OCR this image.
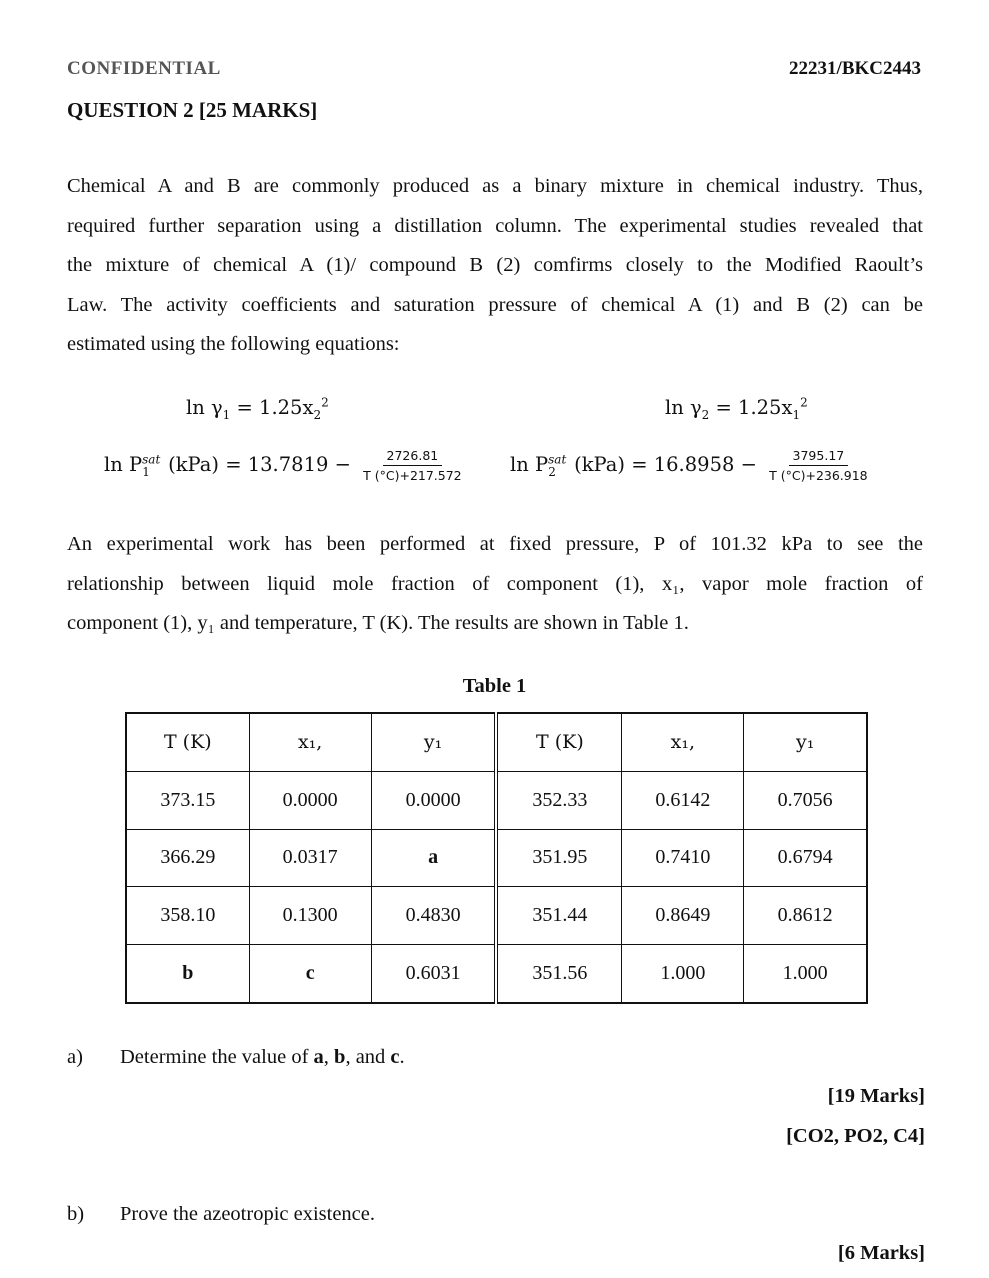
CONFIDENTIAL	22231/BKC2443
QUESTION 2 [25 MARKS]
Chemical A and B are commonly produced as a binary mixture in chemical industry. Thus,
required further separation using a distillation column. The experimental studies revealed that
the mixture of chemical A (1)/ compound B (2) comfirms closely to the Modified Raoult’s
Law. The activity coefficients and saturation pressure of chemical A (1) and B (2) can be
estimated using the following equations:
$\ln \gamma_1 = 1.25x_2^2$	$\ln \gamma_2 = 1.25x_1^2$
$\ln P^{sat}_1$ $(kPa) = 13.7819 - \frac{2726.81}{T (^\circ C)+217.572}$ $\ln P^{sat}_2$ $(kPa) = 16.8958 - \frac{3795.17}{T (^\circ C)+236.918}$
An experimental work has been performed at fixed pressure, P of 101.32 kPa to see the
relationship between liquid mole fraction of component (1), x₁, vapor mole fraction of
component (1), y₁ and temperature, T (K). The results are shown in Table 1.
Table 1
T (K)	x₁,	y₁	T (K)	x₁,	y₁
373.15	0.0000	0.0000	352.33	0.6142	0.7056
366.29	0.0317	a	351.95	0.7410	0.6794
358.10	0.1300	0.4830	351.44	0.8649	0.8612
b	c	0.6031	351.56	1.000	1.000
a) Determine the value of a, b, and c.
[19 Marks]
[CO2, PO2, C4]
b) Prove the azeotropic existence.
[6 Marks]
